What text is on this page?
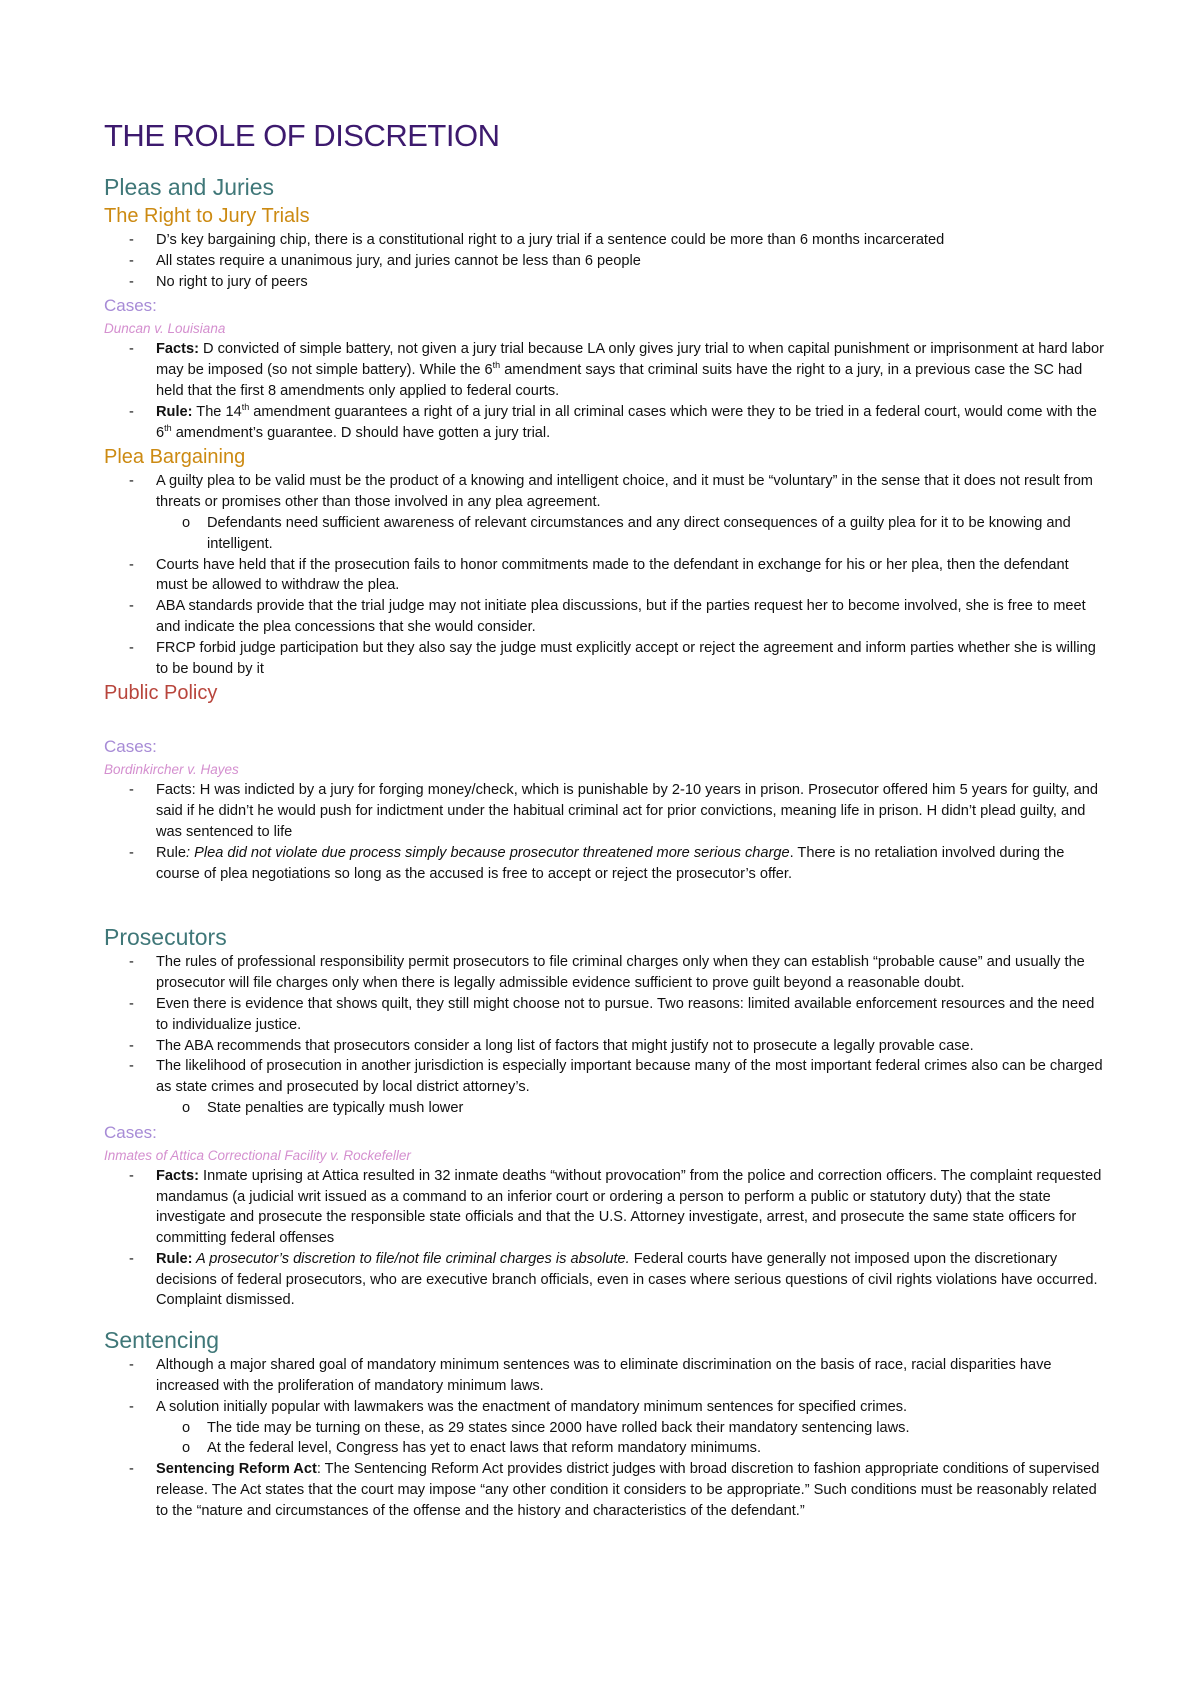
THE ROLE OF DISCRETION
Pleas and Juries
The Right to Jury Trials
- D’s key bargaining chip, there is a constitutional right to a jury trial if a sentence could be more than 6 months incarcerated
- All states require a unanimous jury, and juries cannot be less than 6 people
- No right to jury of peers
Cases:
Duncan v. Louisiana
- Facts: D convicted of simple battery, not given a jury trial because LA only gives jury trial to when capital punishment or imprisonment at hard labor may be imposed (so not simple battery). While the 6th amendment says that criminal suits have the right to a jury, in a previous case the SC had held that the first 8 amendments only applied to federal courts.
- Rule: The 14th amendment guarantees a right of a jury trial in all criminal cases which were they to be tried in a federal court, would come with the 6th amendment’s guarantee. D should have gotten a jury trial.
Plea Bargaining
- A guilty plea to be valid must be the product of a knowing and intelligent choice, and it must be “voluntary” in the sense that it does not result from threats or promises other than those involved in any plea agreement.
o Defendants need sufficient awareness of relevant circumstances and any direct consequences of a guilty plea for it to be knowing and intelligent.
- Courts have held that if the prosecution fails to honor commitments made to the defendant in exchange for his or her plea, then the defendant must be allowed to withdraw the plea.
- ABA standards provide that the trial judge may not initiate plea discussions, but if the parties request her to become involved, she is free to meet and indicate the plea concessions that she would consider.
- FRCP forbid judge participation but they also say the judge must explicitly accept or reject the agreement and inform parties whether she is willing to be bound by it
Public Policy
Cases:
Bordinkircher v. Hayes
- Facts: H was indicted by a jury for forging money/check, which is punishable by 2-10 years in prison. Prosecutor offered him 5 years for guilty, and said if he didn’t he would push for indictment under the habitual criminal act for prior convictions, meaning life in prison. H didn’t plead guilty, and was sentenced to life
- Rule: Plea did not violate due process simply because prosecutor threatened more serious charge. There is no retaliation involved during the course of plea negotiations so long as the accused is free to accept or reject the prosecutor’s offer.
Prosecutors
- The rules of professional responsibility permit prosecutors to file criminal charges only when they can establish “probable cause” and usually the prosecutor will file charges only when there is legally admissible evidence sufficient to prove guilt beyond a reasonable doubt.
- Even there is evidence that shows quilt, they still might choose not to pursue. Two reasons: limited available enforcement resources and the need to individualize justice.
- The ABA recommends that prosecutors consider a long list of factors that might justify not to prosecute a legally provable case.
- The likelihood of prosecution in another jurisdiction is especially important because many of the most important federal crimes also can be charged as state crimes and prosecuted by local district attorney’s.
o State penalties are typically mush lower
Cases:
Inmates of Attica Correctional Facility v. Rockefeller
- Facts: Inmate uprising at Attica resulted in 32 inmate deaths “without provocation” from the police and correction officers. The complaint requested mandamus (a judicial writ issued as a command to an inferior court or ordering a person to perform a public or statutory duty) that the state investigate and prosecute the responsible state officials and that the U.S. Attorney investigate, arrest, and prosecute the same state officers for committing federal offenses
- Rule: A prosecutor’s discretion to file/not file criminal charges is absolute. Federal courts have generally not imposed upon the discretionary decisions of federal prosecutors, who are executive branch officials, even in cases where serious questions of civil rights violations have occurred. Complaint dismissed.
Sentencing
- Although a major shared goal of mandatory minimum sentences was to eliminate discrimination on the basis of race, racial disparities have increased with the proliferation of mandatory minimum laws.
- A solution initially popular with lawmakers was the enactment of mandatory minimum sentences for specified crimes.
o The tide may be turning on these, as 29 states since 2000 have rolled back their mandatory sentencing laws.
o At the federal level, Congress has yet to enact laws that reform mandatory minimums.
- Sentencing Reform Act: The Sentencing Reform Act provides district judges with broad discretion to fashion appropriate conditions of supervised release. The Act states that the court may impose “any other condition it considers to be appropriate.” Such conditions must be reasonably related to the “nature and circumstances of the offense and the history and characteristics of the defendant.”
